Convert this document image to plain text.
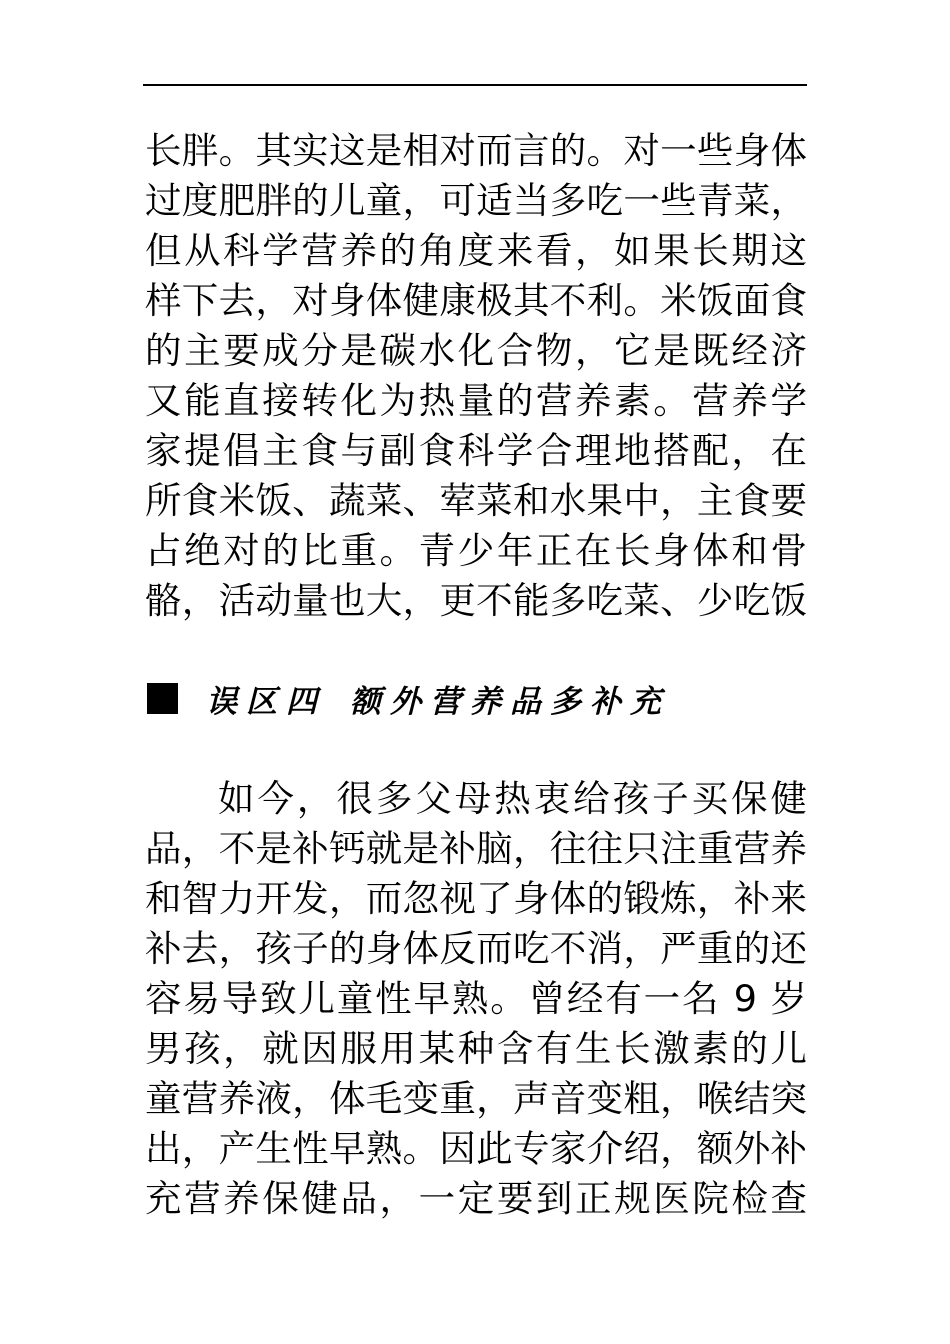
长胖。其实这是相对而言的。对一些身体
过度肥胖的儿童，可适当多吃一些青菜，
但从科学营养的角度来看，如果长期这
样下去，对身体健康极其不利。米饭面食
的主要成分是碳水化合物，它是既经济
又能直接转化为热量的营养素。营养学
家提倡主食与副食科学合理地搭配，在
所食米饭、蔬菜、荤菜和水果中，主食要
占绝对的比重。青少年正在长身体和骨
骼，活动量也大，更不能多吃菜、少吃饭
误区四 额外营养品多补充
如今，很多父母热衷给孩子买保健
品，不是补钙就是补脑，往往只注重营养
和智力开发，而忽视了身体的锻炼，补来
补去，孩子的身体反而吃不消，严重的还
容易导致儿童性早熟。曾经有一名 9 岁
男孩，就因服用某种含有生长激素的儿
童营养液，体毛变重，声音变粗，喉结突
出，产生性早熟。因此专家介绍，额外补
充营养保健品，一定要到正规医院检查
